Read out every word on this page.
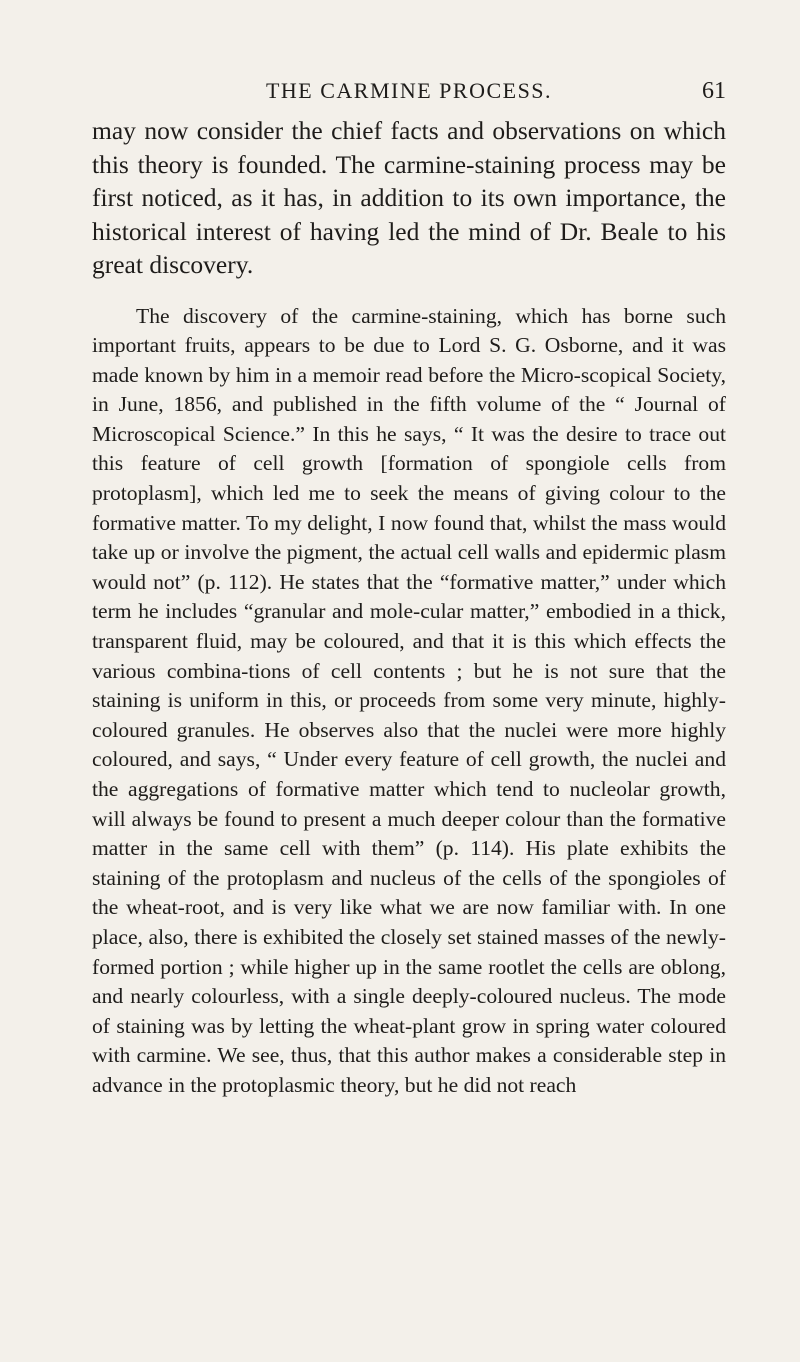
THE CARMINE PROCESS.	61

may now consider the chief facts and observations on which this theory is founded. The carmine-staining process may be first noticed, as it has, in addition to its own importance, the historical interest of having led the mind of Dr. Beale to his great discovery.

The discovery of the carmine-staining, which has borne such important fruits, appears to be due to Lord S. G. Osborne, and it was made known by him in a memoir read before the Micro-scopical Society, in June, 1856, and published in the fifth volume of the “ Journal of Microscopical Science.” In this he says, “ It was the desire to trace out this feature of cell growth [formation of spongiole cells from protoplasm], which led me to seek the means of giving colour to the formative matter. To my delight, I now found that, whilst the mass would take up or involve the pigment, the actual cell walls and epidermic plasm would not” (p. 112). He states that the “formative matter,” under which term he includes “granular and mole-cular matter,” embodied in a thick, transparent fluid, may be coloured, and that it is this which effects the various combina-tions of cell contents ; but he is not sure that the staining is uniform in this, or proceeds from some very minute, highly-coloured granules. He observes also that the nuclei were more highly coloured, and says, “ Under every feature of cell growth, the nuclei and the aggregations of formative matter which tend to nucleolar growth, will always be found to present a much deeper colour than the formative matter in the same cell with them” (p. 114). His plate exhibits the staining of the protoplasm and nucleus of the cells of the spongioles of the wheat-root, and is very like what we are now familiar with. In one place, also, there is exhibited the closely set stained masses of the newly-formed portion ; while higher up in the same rootlet the cells are oblong, and nearly colourless, with a single deeply-coloured nucleus. The mode of staining was by letting the wheat-plant grow in spring water coloured with carmine. We see, thus, that this author makes a considerable step in advance in the protoplasmic theory, but he did not reach
